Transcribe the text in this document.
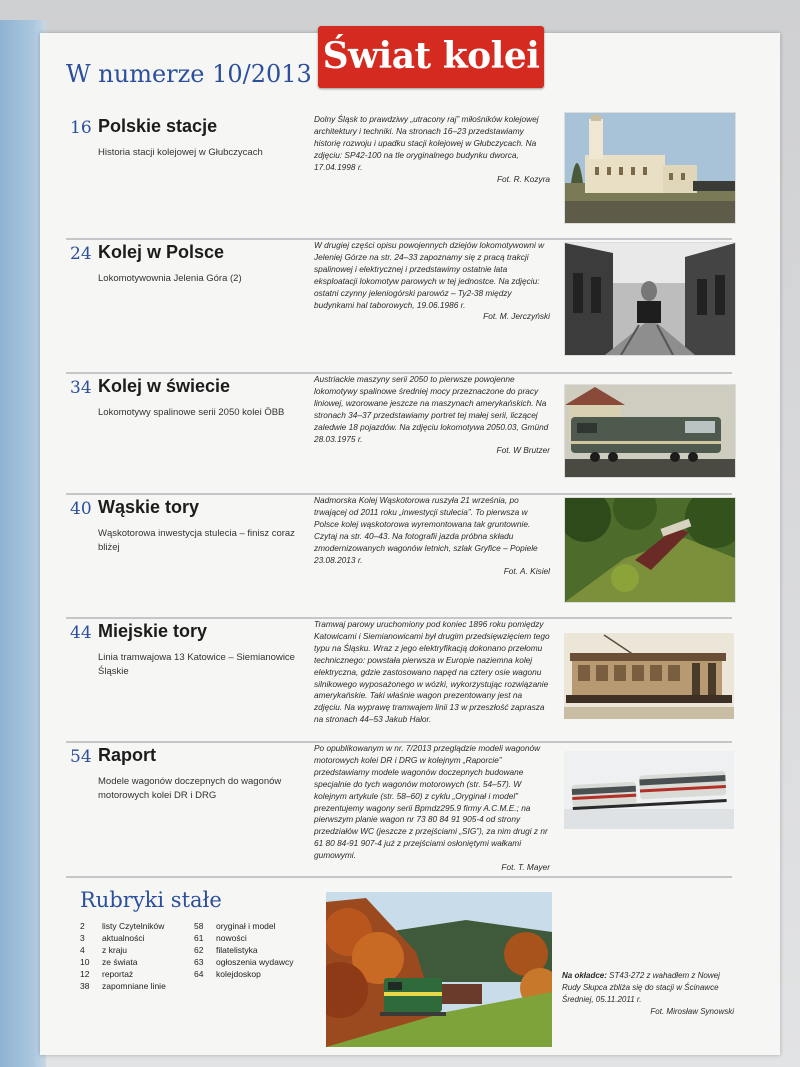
W numerze 10/2013 Świat kolei
16 Polskie stacje
Historia stacji kolejowej w Głubczycach
Dolny Śląsk to prawdziwy „utracony raj” miłośników kolejowej architektury i techniki. Na stronach 16–23 przedstawiamy historię rozwoju i upadku stacji kolejowej w Głubczycach. Na zdjęciu: SP42-100 na tle oryginalnego budynku dworca, 17.04.1998 r.
Fot. R. Kozyra
24 Kolej w Polsce
Lokomotywownia Jelenia Góra (2)
W drugiej części opisu powojennych dziejów lokomotywowni w Jeleniej Górze na str. 24–33 zapoznamy się z pracą trakcji spalinowej i elektrycznej i przedstawimy ostatnie lata eksploatacji lokomotyw parowych w tej jednostce. Na zdjęciu: ostatni czynny jeleniogórski parowóz – Ty2-38 między budynkami hal taborowych, 19.06.1986 r.
Fot. M. Jerczyński
34 Kolej w świecie
Lokomotywy spalinowe serii 2050 kolei ÖBB
Austriackie maszyny serii 2050 to pierwsze powojenne lokomotywy spalinowe średniej mocy przeznaczone do pracy liniowej, wzorowane jeszcze na maszynach amerykańskich. Na stronach 34–37 przedstawiamy portret tej małej serii, liczącej zaledwie 18 pojazdów. Na zdjęciu lokomotywa 2050.03, Gmünd 28.03.1975 r.
Fot. W Brutzer
40 Wąskie tory
Wąskotorowa inwestycja stulecia – finisz coraz bliżej
Nadmorska Kolej Wąskotorowa ruszyła 21 września, po trwającej od 2011 roku „inwestycji stulecia”. To pierwsza w Polsce kolej wąskotorowa wyremontowana tak gruntownie. Czytaj na str. 40–43. Na fotografii jazda próbna składu zmodernizowanych wagonów letnich, szlak Gryfice – Popiele 23.08.2013 r.
Fot. A. Kisiel
44 Miejskie tory
Linia tramwajowa 13 Katowice – Siemianowice Śląskie
Tramwaj parowy uruchomiony pod koniec 1896 roku pomiędzy Katowicami i Siemianowicami był drugim przedsięwzięciem tego typu na Śląsku. Wraz z jego elektryfikacją dokonano przełomu technicznego: powstała pierwsza w Europie naziemna kolej elektryczna, gdzie zastosowano napęd na cztery osie wagonu silnikowego wyposażonego w wózki, wykorzystując rozwiązanie amerykańskie. Taki właśnie wagon prezentowany jest na zdjęciu. Na wyprawę tramwajem linii 13 w przeszłość zaprasza na stronach 44–53 Jakub Halor.
54 Raport
Modele wagonów doczepnych do wagonów motorowych kolei DR i DRG
Po opublikowanym w nr. 7/2013 przeglądzie modeli wagonów motorowych kolei DR i DRG w kolejnym „Raporcie” przedstawiamy modele wagonów doczepnych budowane specjalnie do tych wagonów motorowych (str. 54–57). W kolejnym artykule (str. 58–60) z cyklu „Oryginał i model” prezentujemy wagony serii Bpmdz295.9 firmy A.C.M.E.; na pierwszym planie wagon nr 73 80 84 91 905-4 od strony przedziałów WC (jeszcze z przejściami „SIG”), za nim drugi z nr 61 80 84-91 907-4 już z przejściami osłoniętymi wałkami gumowymi.
Fot. T. Mayer
Rubryki stałe
2	listy Czytelników
3	aktualności
4	z kraju
10	ze świata
12	reportaż
38	zapomniane linie
58	oryginał i model
61	nowości
62	filatelistyka
63	ogłoszenia wydawcy
64	kolejdoskop	Na okładce: ST43-272 z wahadłem z Nowej Rudy Słupca zbliża się do stacji w Ścinawce Średniej, 05.11.2011 r.
Fot. Mirosław Synowski
